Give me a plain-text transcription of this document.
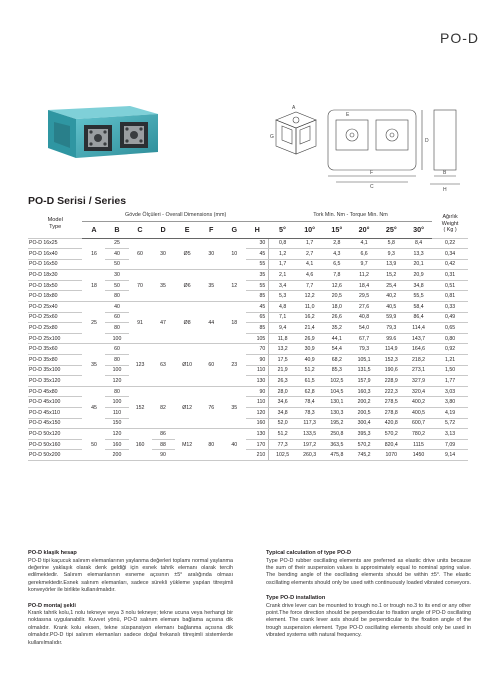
PO-D
A
G
F
C
D
E
B
H
PO-D Serisi / Series
Model
Type	Gövde Ölçüleri - Overall Dimensions (mm)								Tork Min. Nm - Torque Min. Nm						Ağırlık
Weight
( Kg )
	A	B	C	D	E	F	G	H	5°	10°	15°	20°	25°	30°	
PO-D 16x25	16	25	60	30	Ø5	30	10	30	0,8	1,7	2,8	4,1	5,8	8,4	0,22
PO-D 16x40		40						45	1,2	2,7	4,3	6,6	9,3	13,3	0,34
PO-D 16x50		50						55	1,7	4,1	6,5	9,7	13,9	20,1	0,42
PO-D 18x30	18	30	70	35	Ø6	35	12	35	2,1	4,6	7,8	11,2	15,2	20,9	0,31
PO-D 18x50		50						55	3,4	7,7	12,6	18,4	25,4	34,8	0,51
PO-D 18x80		80						85	5,3	12,2	20,5	29,5	40,2	55,5	0,81
PO-D 25x40	25	40	91	47	Ø8	44	18	45	4,8	11,0	18,0	27,6	40,5	58,4	0,33
PO-D 25x60		60						65	7,1	16,2	26,6	40,8	59,9	86,4	0,49
PO-D 25x80		80						85	9,4	21,4	35,2	54,0	79,3	114,4	0,65
PO-D 25x100		100						105	11,8	26,9	44,1	67,7	99.6	143,7	0,80
PO-D 35x60	35	60	123	63	Ø10	60	23	70	13,2	30,9	54,4	79,3	114,9	164,6	0,92
PO-D 35x80		80						90	17,5	40,9	68,2	105,1	152,3	218,2	1,21
PO-D 35x100		100						110	21,9	51,2	85,3	131,5	190,6	273,1	1,50
PO-D 35x120		120						130	26,3	61,5	102,5	157,9	228,9	327,9	1,77
PO-D 45x80	45	80	152	82	Ø12	76	35	90	28,0	62,8	104,5	160,3	222,3	320,4	3,03
PO-D 45x100		100						110	34,6	78,4	130,1	200,2	278,5	400,2	3,80
PO-D 45x110		110						120	34,8	78,3	130,3	200,5	278,8	400,5	4,19
PO-D 45x150		150						160	52,0	117,3	195,2	300,4	420,8	600,7	5,72
PO-D 50x120	50	120	160	86	M12	80	40	130	51,2	133,5	250,8	395,3	570,2	780,2	3,13
PO-D 50x160		160		88				170	77,3	197,2	363,5	570,2	820,4	1115	7,09
PO-D 50x200		200		90				210	102,5	260,3	475,8	745,2	1070	1450	9,14
PO-D klaşik hesap
PO-D tipi kaçucuk salınım elemanlarının yaylanma değerleri toplamı normal yaylanma değerine yaklaşık olarak denk geldiği için esnek tahrik elemanı olarak tercih edilmektedir. Salınım elemanlarının esneme açısının ±5° aralığında olması gerekmektedir.Esnek salınım elemanları, sadece sürekli yükleme yapılan titreşimli konveyörler ile birlikte kullanılmalıdır.
PO-D montaj şekli
Krank tahrik kolu,1 nolu tekneye veya 3 nolu tekneye; tekne ucuna veya herhangi bir noktasına uygulanabilir. Kuvvet yönü, PO-D salınım elemanı bağlama açısına dik olmalıdır. Krank kolu eksen, tekne süspansiyon elemanı bağlanma açısına dik olmalıdır.PO-D tipi salınım elemanları sadece doğal frekanslı titreşimli sistemlerde kullanılmalıdır.
Typical calculation of type PO-D
Type PO-D rubber oscillating elements are preferred as elastic drive units because the sum of their suspension values is approximately equal to nominal spring value. The bending angle of the oscillating elements should be within ±5°. The elastic oscillating elements should only be used with continuously loaded vibrated conveyors.
Type PO-D installation
Crank drive lever can be mounted to trough no.1 or trough no.3 to its end or any other point.The force direction should be perpendicular to fixation angle of PO-D oscillating element. The crank lever axis should be perpendicular to the fixation angle of the trough suspension element. Type PO-D oscillating elements should only be used in vibrated systems with natural frequency.
